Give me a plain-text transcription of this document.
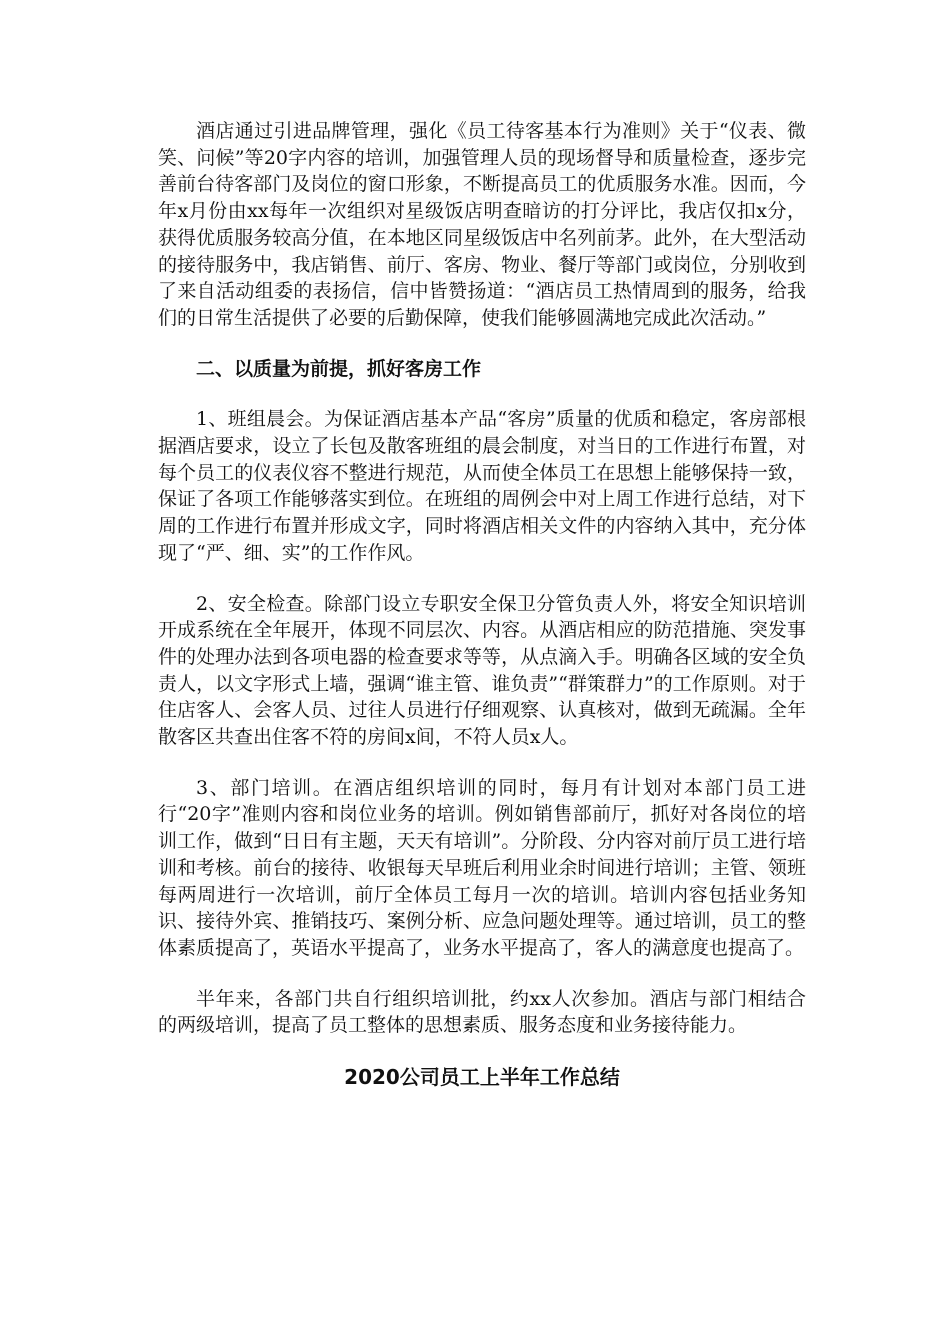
酒店通过引进品牌管理，强化《员工待客基本行为准则》关于“仪表、微笑、问候”等20字内容的培训，加强管理人员的现场督导和质量检查，逐步完善前台待客部门及岗位的窗口形象，不断提高员工的优质服务水准。因而，今年x月份由xx每年一次组织对星级饭店明查暗访的打分评比，我店仅扣x分，获得优质服务较高分值，在本地区同星级饭店中名列前茅。此外，在大型活动的接待服务中，我店销售、前厅、客房、物业、餐厅等部门或岗位，分别收到了来自活动组委的表扬信，信中皆赞扬道：“酒店员工热情周到的服务，给我们的日常生活提供了必要的后勤保障，使我们能够圆满地完成此次活动。”

二、以质量为前提，抓好客房工作

1、班组晨会。为保证酒店基本产品“客房”质量的优质和稳定，客房部根据酒店要求，设立了长包及散客班组的晨会制度，对当日的工作进行布置，对每个员工的仪表仪容不整进行规范，从而使全体员工在思想上能够保持一致，保证了各项工作能够落实到位。在班组的周例会中对上周工作进行总结，对下周的工作进行布置并形成文字，同时将酒店相关文件的内容纳入其中，充分体现了“严、细、实”的工作作风。

2、安全检查。除部门设立专职安全保卫分管负责人外，将安全知识培训开成系统在全年展开，体现不同层次、内容。从酒店相应的防范措施、突发事件的处理办法到各项电器的检查要求等等，从点滴入手。明确各区域的安全负责人，以文字形式上墙，强调“谁主管、谁负责”“群策群力”的工作原则。对于住店客人、会客人员、过往人员进行仔细观察、认真核对，做到无疏漏。全年散客区共查出住客不符的房间x间，不符人员x人。

3、部门培训。在酒店组织培训的同时，每月有计划对本部门员工进行“20字”准则内容和岗位业务的培训。例如销售部前厅，抓好对各岗位的培训工作，做到“日日有主题，天天有培训”。分阶段、分内容对前厅员工进行培训和考核。前台的接待、收银每天早班后利用业余时间进行培训；主管、领班每两周进行一次培训，前厅全体员工每月一次的培训。培训内容包括业务知识、接待外宾、推销技巧、案例分析、应急问题处理等。通过培训，员工的整体素质提高了，英语水平提高了，业务水平提高了，客人的满意度也提高了。

半年来，各部门共自行组织培训批，约xx人次参加。酒店与部门相结合的两级培训，提高了员工整体的思想素质、服务态度和业务接待能力。

2020公司员工上半年工作总结
